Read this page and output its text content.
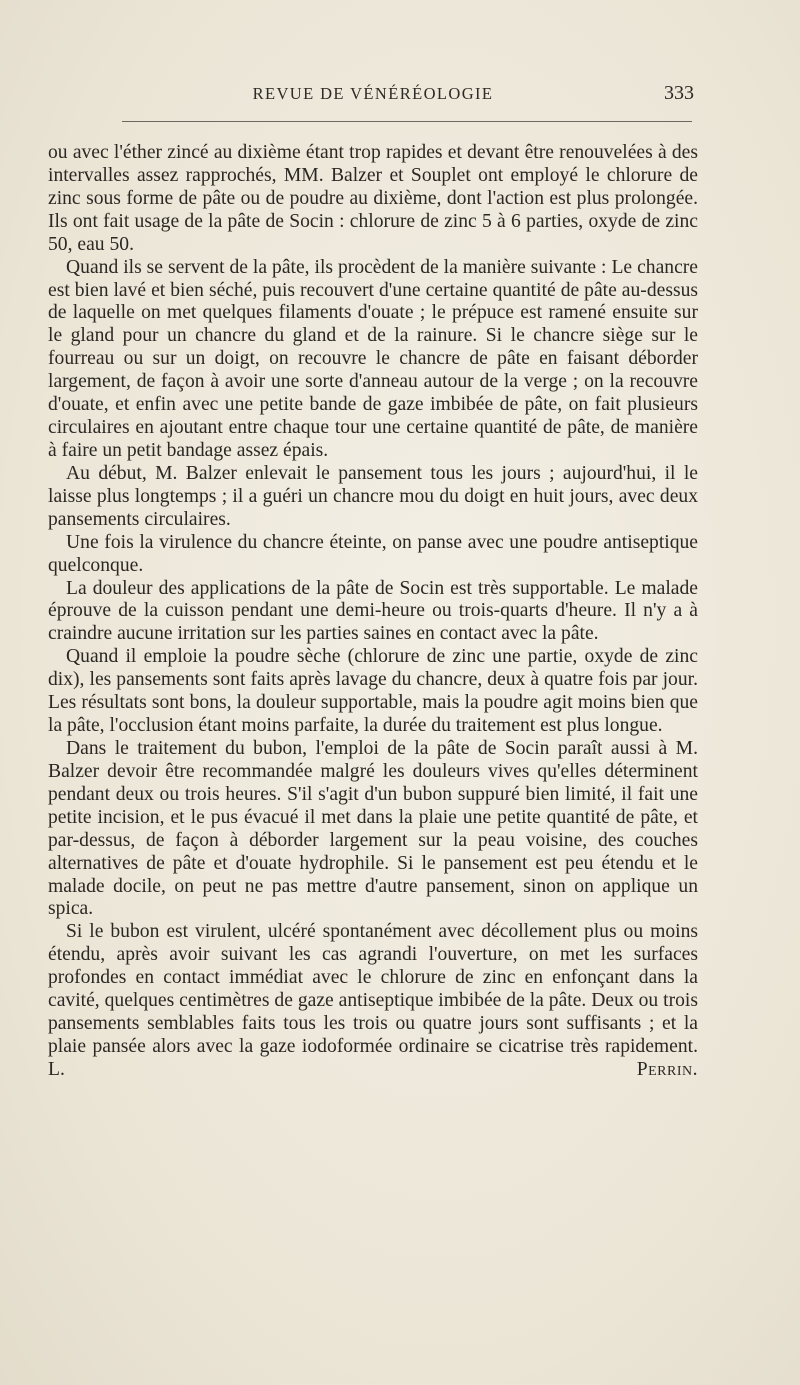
REVUE DE VÉNÉRÉOLOGIE	333

ou avec l'éther zincé au dixième étant trop rapides et devant être renouvelées à des intervalles assez rapprochés, MM. Balzer et Souplet ont employé le chlorure de zinc sous forme de pâte ou de poudre au dixième, dont l'action est plus prolongée. Ils ont fait usage de la pâte de Socin : chlorure de zinc 5 à 6 parties, oxyde de zinc 50, eau 50.

Quand ils se servent de la pâte, ils procèdent de la manière suivante : Le chancre est bien lavé et bien séché, puis recouvert d'une certaine quantité de pâte au-dessus de laquelle on met quelques filaments d'ouate ; le prépuce est ramené ensuite sur le gland pour un chancre du gland et de la rainure. Si le chancre siège sur le fourreau ou sur un doigt, on recouvre le chancre de pâte en faisant déborder largement, de façon à avoir une sorte d'anneau autour de la verge ; on la recouvre d'ouate, et enfin avec une petite bande de gaze imbibée de pâte, on fait plusieurs circulaires en ajoutant entre chaque tour une certaine quantité de pâte, de manière à faire un petit bandage assez épais.

Au début, M. Balzer enlevait le pansement tous les jours ; aujourd'hui, il le laisse plus longtemps ; il a guéri un chancre mou du doigt en huit jours, avec deux pansements circulaires.

Une fois la virulence du chancre éteinte, on panse avec une poudre antiseptique quelconque.

La douleur des applications de la pâte de Socin est très supportable. Le malade éprouve de la cuisson pendant une demi-heure ou trois-quarts d'heure. Il n'y a à craindre aucune irritation sur les parties saines en contact avec la pâte.

Quand il emploie la poudre sèche (chlorure de zinc une partie, oxyde de zinc dix), les pansements sont faits après lavage du chancre, deux à quatre fois par jour. Les résultats sont bons, la douleur supportable, mais la poudre agit moins bien que la pâte, l'occlusion étant moins parfaite, la durée du traitement est plus longue.

Dans le traitement du bubon, l'emploi de la pâte de Socin paraît aussi à M. Balzer devoir être recommandée malgré les douleurs vives qu'elles déterminent pendant deux ou trois heures. S'il s'agit d'un bubon suppuré bien limité, il fait une petite incision, et le pus évacué il met dans la plaie une petite quantité de pâte, et par-dessus, de façon à déborder largement sur la peau voisine, des couches alternatives de pâte et d'ouate hydrophile. Si le pansement est peu étendu et le malade docile, on peut ne pas mettre d'autre pansement, sinon on applique un spica.

Si le bubon est virulent, ulcéré spontanément avec décollement plus ou moins étendu, après avoir suivant les cas agrandi l'ouverture, on met les surfaces profondes en contact immédiat avec le chlorure de zinc en enfonçant dans la cavité, quelques centimètres de gaze antiseptique imbibée de la pâte. Deux ou trois pansements semblables faits tous les trois ou quatre jours sont suffisants ; et la plaie pansée alors avec la gaze iodoformée ordinaire se cicatrise très rapidement. L.	Perrin.
